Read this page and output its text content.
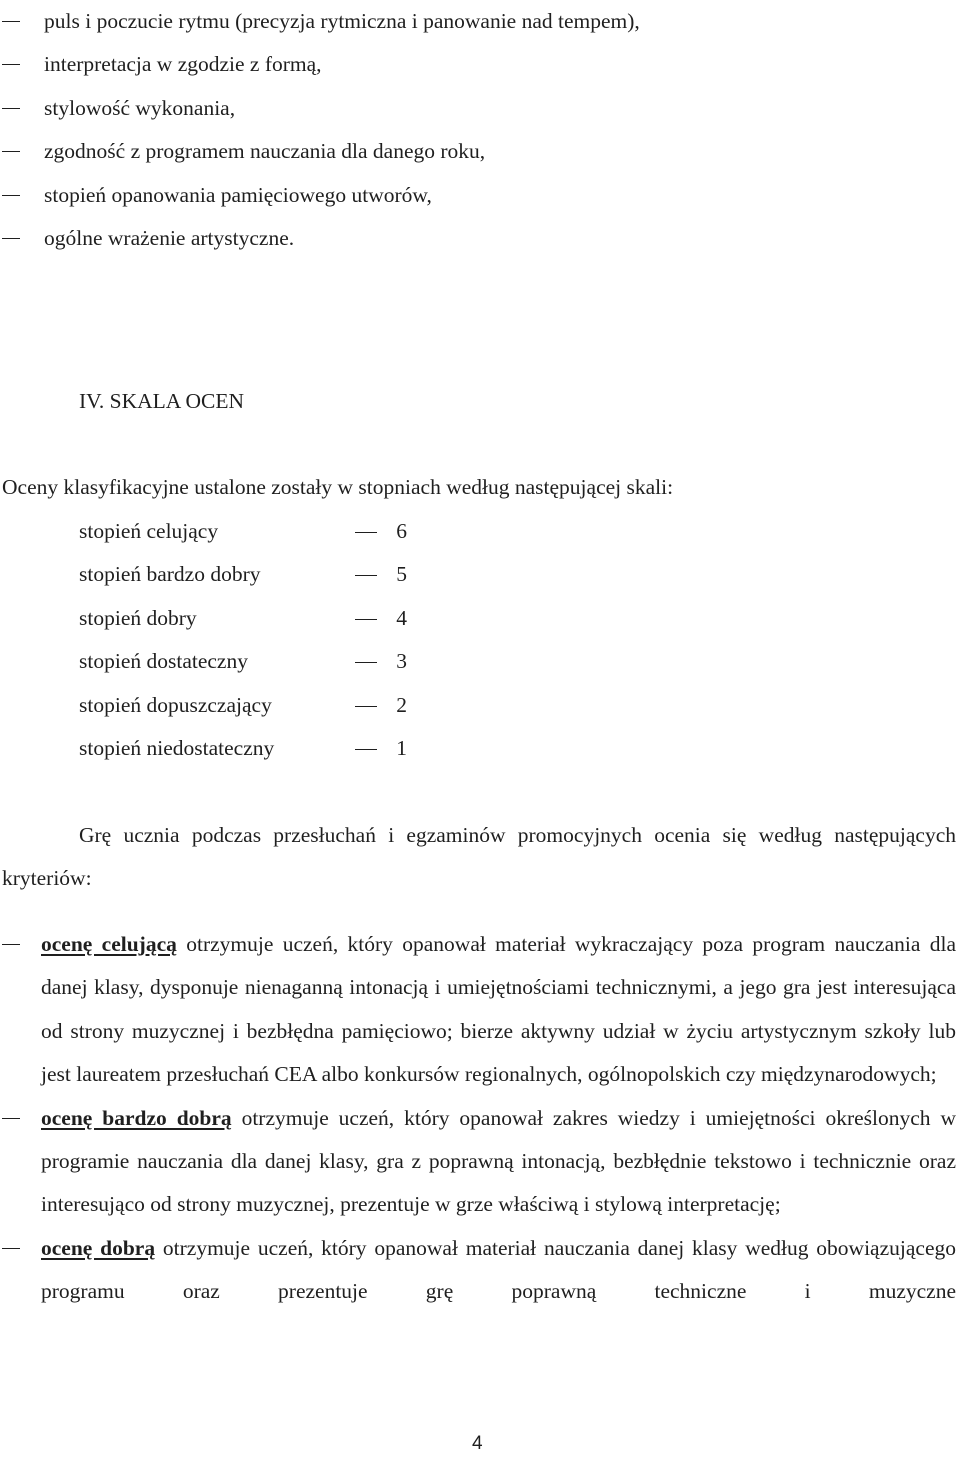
puls i poczucie rytmu (precyzja rytmiczna i panowanie nad tempem),
interpretacja w zgodzie z formą,
stylowość wykonania,
zgodność z programem nauczania dla danego roku,
stopień opanowania pamięciowego utworów,
ogólne wrażenie artystyczne.
IV. SKALA OCEN

Oceny klasyfikacyjne ustalone zostały w stopniach według następującej skali:

stopień celujący	6
stopień bardzo dobry	5
stopień dobry	4
stopień dostateczny	3
stopień dopuszczający	2
stopień niedostateczny	1

Grę ucznia podczas przesłuchań i egzaminów promocyjnych ocenia się według następujących kryteriów:

ocenę celującą otrzymuje uczeń, który opanował materiał wykraczający poza program nauczania dla danej klasy, dysponuje nienaganną intonacją i umiejętnościami technicznymi, a jego gra jest interesująca od strony muzycznej i bezbłędna pamięciowo; bierze aktywny udział w życiu artystycznym szkoły lub jest laureatem przesłuchań CEA albo konkursów regionalnych, ogólnopolskich czy międzynarodowych;
ocenę bardzo dobrą otrzymuje uczeń, który opanował zakres wiedzy i umiejętności określonych w programie nauczania dla danej klasy, gra z poprawną intonacją, bezbłędnie tekstowo i technicznie oraz interesująco od strony muzycznej, prezentuje w grze właściwą i stylową interpretację;
ocenę dobrą otrzymuje uczeń, który opanował materiał nauczania danej klasy według obowiązującego programu oraz prezentuje grę poprawną techniczne i muzyczne
4
